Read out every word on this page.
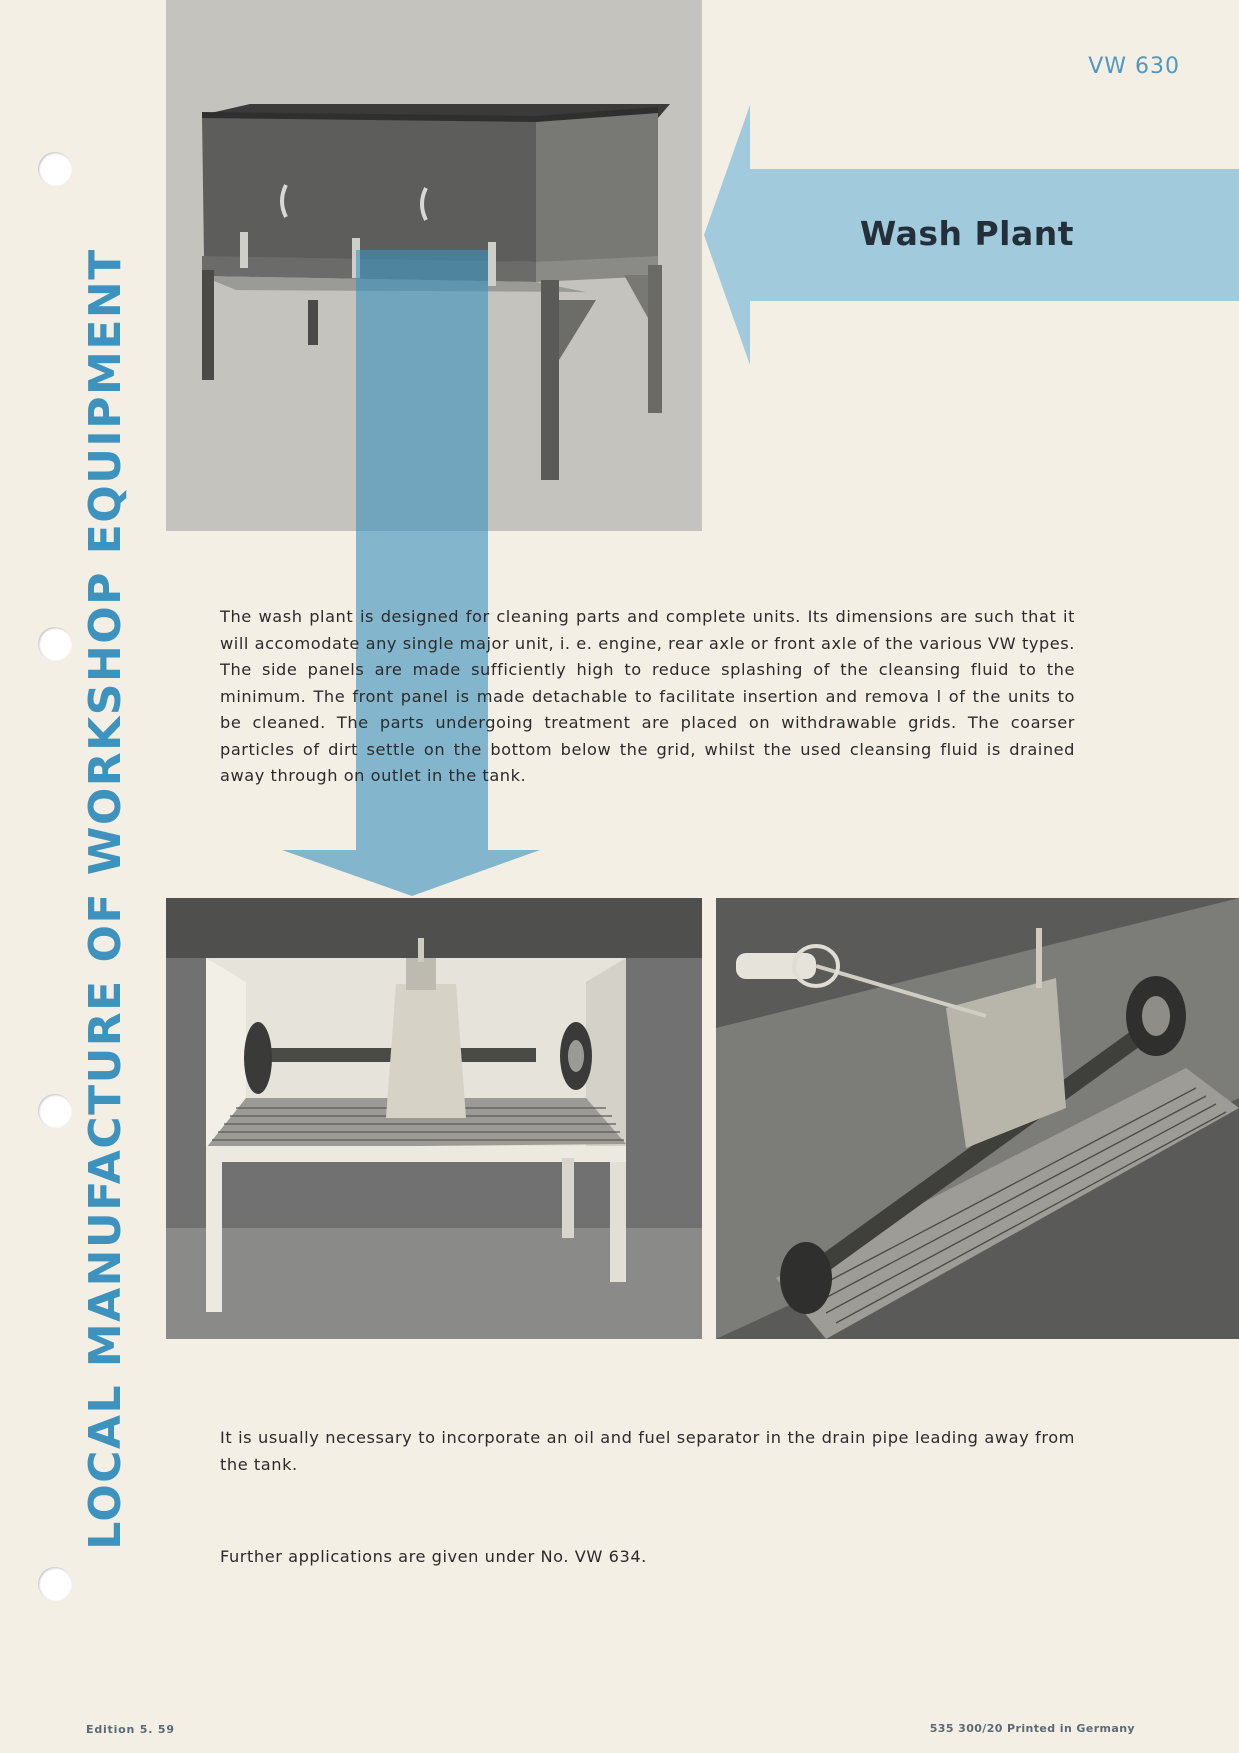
LOCAL MANUFACTURE OF WORKSHOP EQUIPMENT
VW 630
Wash Plant
The wash plant is designed for cleaning parts and complete units. Its dimensions are such that it will accomodate any single major unit, i. e. engine, rear axle or front axle of the various VW types. The side panels are made sufficiently high to reduce splashing of the cleansing fluid to the minimum. The front panel is made detachable to facilitate insertion and remova l of the units to be cleaned. The parts undergoing treatment are placed on withdrawable grids. The coarser particles of dirt settle on the bottom below the grid, whilst the used cleansing fluid is drained away through on outlet in the tank.
It is usually necessary to incorporate an oil and fuel separator in the drain pipe leading away from the tank.
Further applications are given under No. VW 634.
Edition 5. 59	535 300/20 Printed in Germany
